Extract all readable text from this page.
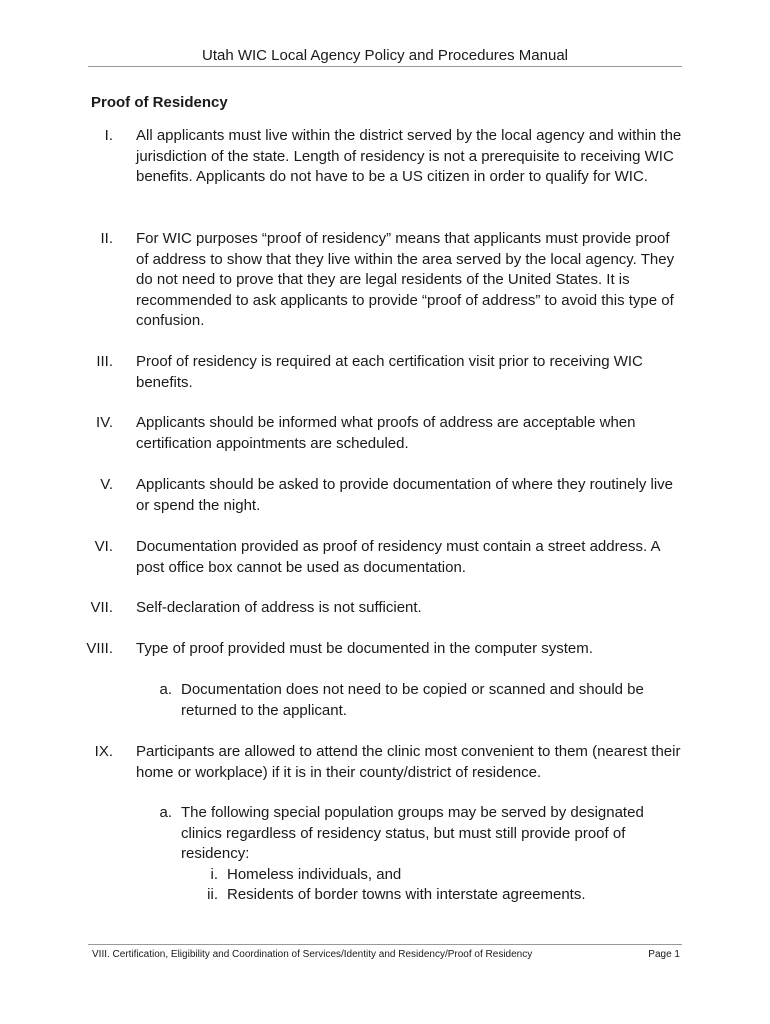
Utah WIC Local Agency Policy and Procedures Manual
Proof of Residency
I. All applicants must live within the district served by the local agency and within the jurisdiction of the state. Length of residency is not a prerequisite to receiving WIC benefits. Applicants do not have to be a US citizen in order to qualify for WIC.
II. For WIC purposes “proof of residency” means that applicants must provide proof of address to show that they live within the area served by the local agency. They do not need to prove that they are legal residents of the United States. It is recommended to ask applicants to provide “proof of address” to avoid this type of confusion.
III. Proof of residency is required at each certification visit prior to receiving WIC benefits.
IV. Applicants should be informed what proofs of address are acceptable when certification appointments are scheduled.
V. Applicants should be asked to provide documentation of where they routinely live or spend the night.
VI. Documentation provided as proof of residency must contain a street address. A post office box cannot be used as documentation.
VII. Self-declaration of address is not sufficient.
VIII. Type of proof provided must be documented in the computer system.
a. Documentation does not need to be copied or scanned and should be returned to the applicant.
IX. Participants are allowed to attend the clinic most convenient to them (nearest their home or workplace) if it is in their county/district of residence.
a. The following special population groups may be served by designated clinics regardless of residency status, but must still provide proof of residency:
i. Homeless individuals, and
ii. Residents of border towns with interstate agreements.
VIII. Certification, Eligibility and Coordination of Services/Identity and Residency/Proof of Residency	Page 1
